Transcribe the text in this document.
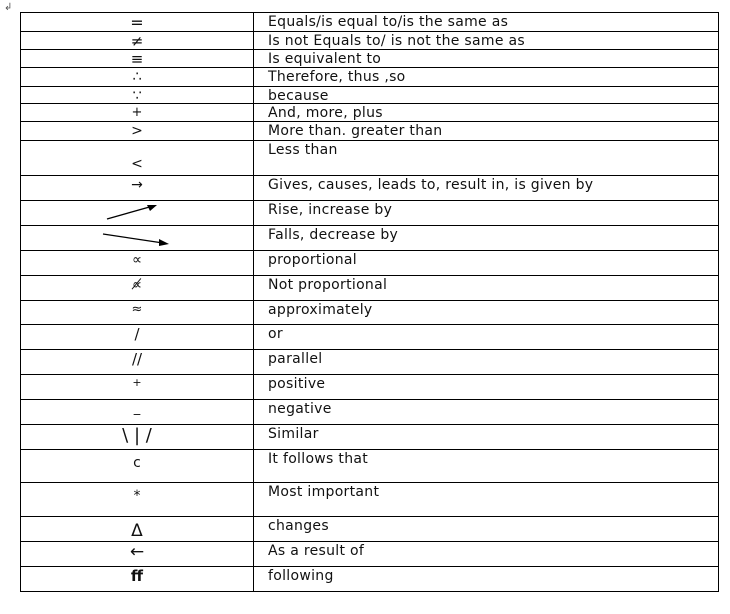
↲
=	Equals/is equal to/is the same as
≠	Is not Equals to/ is not the same as
≡	Is equivalent to
∴	Therefore, thus ,so
∵	because
+	And, more, plus
>	More than. greater than
<	Less than
→	Gives, causes, leads to, result in, is given by

	Rise, increase by

	Falls, decrease by
∝	proportional
∝̸	Not proportional
≈	approximately
/	or
//	parallel
+	positive
_	negative
\ | /	Similar
c	It follows that
*	Most important
Δ	changes
←	As a result of
ff	following
